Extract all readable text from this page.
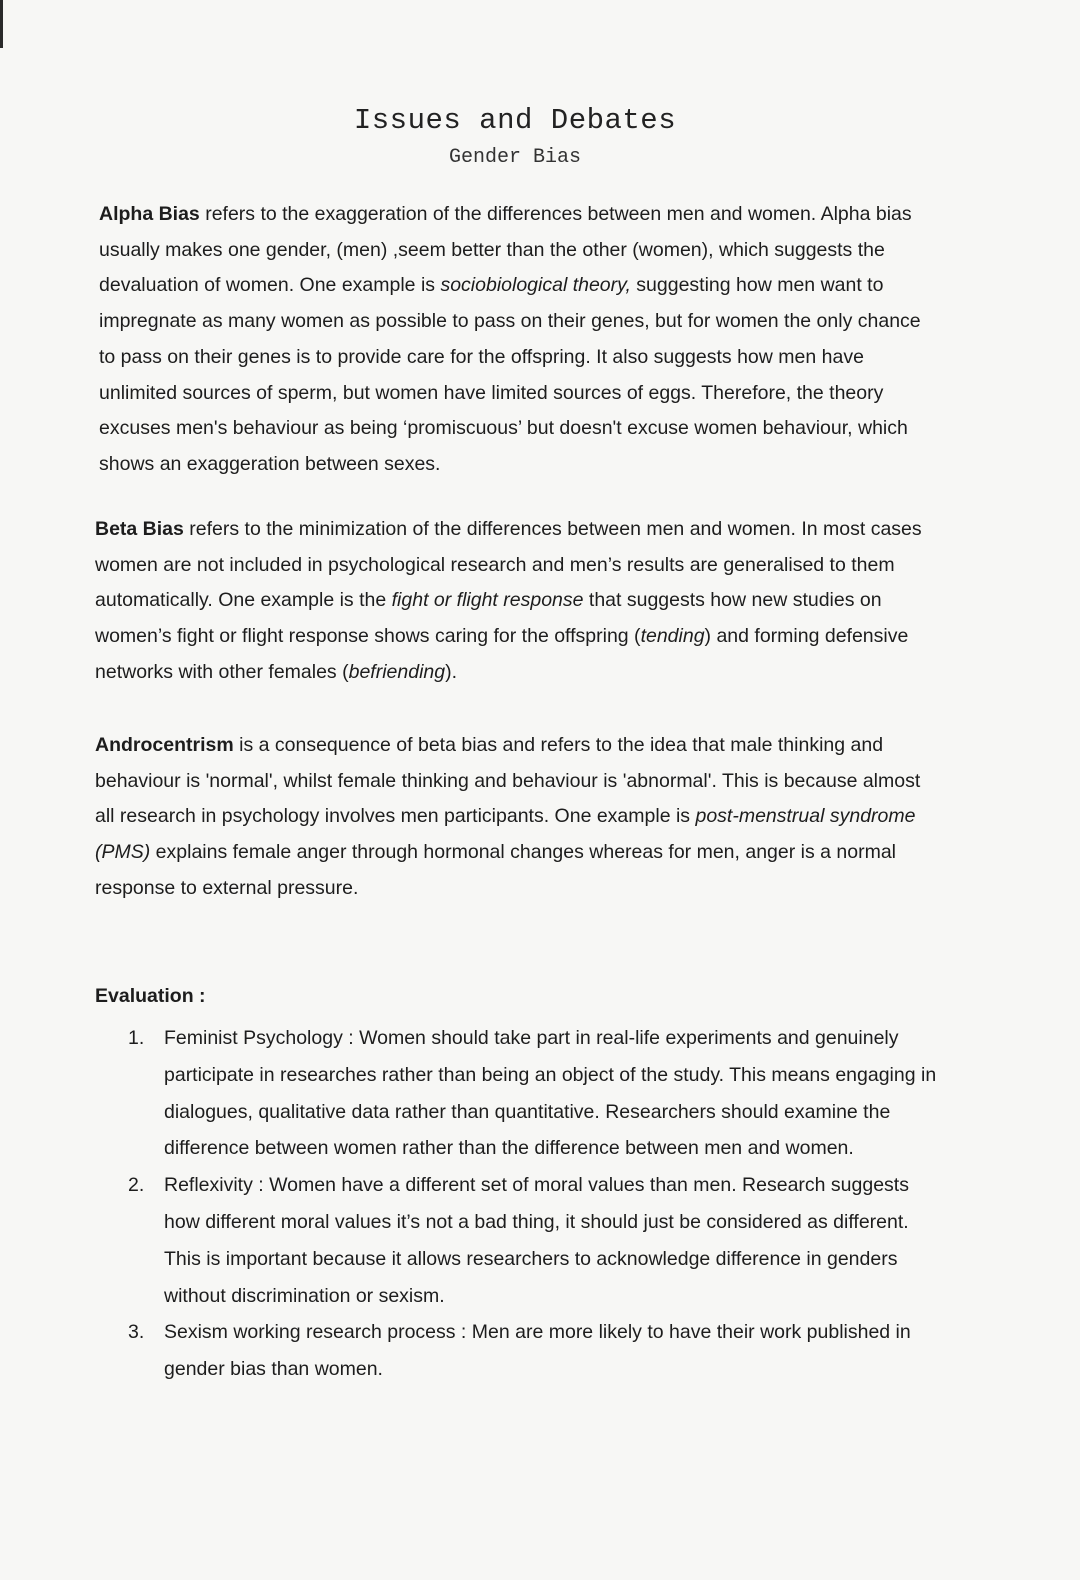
Issues and Debates
Gender Bias

Alpha Bias refers to the exaggeration of the differences between men and women. Alpha bias usually makes one gender, (men) ,seem better than the other (women), which suggests the devaluation of women. One example is sociobiological theory, suggesting how men want to impregnate as many women as possible to pass on their genes, but for women the only chance to pass on their genes is to provide care for the offspring. It also suggests how men have unlimited sources of sperm, but women have limited sources of eggs. Therefore, the theory excuses men's behaviour as being ‘promiscuous’ but doesn't excuse women behaviour, which shows an exaggeration between sexes.

Beta Bias refers to the minimization of the differences between men and women. In most cases women are not included in psychological research and men’s results are generalised to them automatically. One example is the fight or flight response that suggests how new studies on women’s fight or flight response shows caring for the offspring (tending) and forming defensive networks with other females (befriending).

Androcentrism is a consequence of beta bias and refers to the idea that male thinking and behaviour is 'normal', whilst female thinking and behaviour is 'abnormal'. This is because almost all research in psychology involves men participants. One example is post-menstrual syndrome (PMS) explains female anger through hormonal changes whereas for men, anger is a normal response to external pressure.

Evaluation :
1. Feminist Psychology : Women should take part in real-life experiments and genuinely participate in researches rather than being an object of the study. This means engaging in dialogues, qualitative data rather than quantitative. Researchers should examine the difference between women rather than the difference between men and women.
2. Reflexivity : Women have a different set of moral values than men. Research suggests how different moral values it’s not a bad thing, it should just be considered as different. This is important because it allows researchers to acknowledge difference in genders without discrimination or sexism.
3. Sexism working research process : Men are more likely to have their work published in gender bias than women.
